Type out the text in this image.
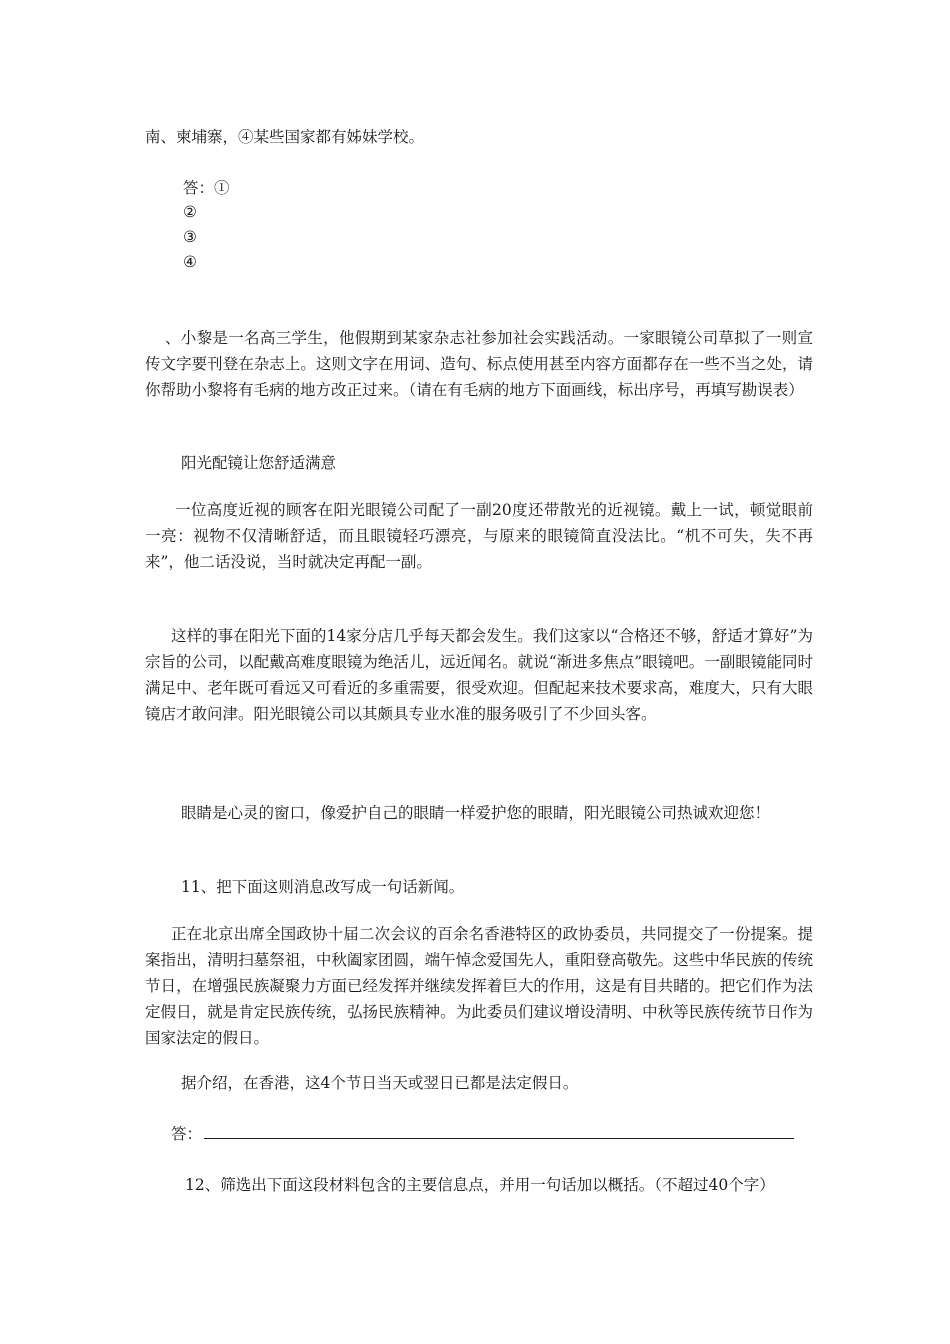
南、柬埔寨，④某些国家都有姊妹学校。
答：①
②
③
④
、小黎是一名高三学生，他假期到某家杂志社参加社会实践活动。一家眼镜公司草拟了一则宣传文字要刊登在杂志上。这则文字在用词、造句、标点使用甚至内容方面都存在一些不当之处，请你帮助小黎将有毛病的地方改正过来。（请在有毛病的地方下面画线，标出序号，再填写勘误表）
阳光配镜让您舒适满意
一位高度近视的顾客在阳光眼镜公司配了一副20度还带散光的近视镜。戴上一试，顿觉眼前一亮：视物不仅清晰舒适，而且眼镜轻巧漂亮，与原来的眼镜简直没法比。“机不可失，失不再来”，他二话没说，当时就决定再配一副。
这样的事在阳光下面的14家分店几乎每天都会发生。我们这家以“合格还不够，舒适才算好”为宗旨的公司，以配戴高难度眼镜为绝活儿，远近闻名。就说“渐进多焦点”眼镜吧。一副眼镜能同时满足中、老年既可看远又可看近的多重需要，很受欢迎。但配起来技术要求高，难度大，只有大眼镜店才敢问津。阳光眼镜公司以其颇具专业水准的服务吸引了不少回头客。
眼睛是心灵的窗口，像爱护自己的眼睛一样爱护您的眼睛，阳光眼镜公司热诚欢迎您！
11、把下面这则消息改写成一句话新闻。
正在北京出席全国政协十届二次会议的百余名香港特区的政协委员，共同提交了一份提案。提案指出，清明扫墓祭祖，中秋阖家团圆，端午悼念爱国先人，重阳登高敬先。这些中华民族的传统节日，在增强民族凝聚力方面已经发挥并继续发挥着巨大的作用，这是有目共睹的。把它们作为法定假日，就是肯定民族传统，弘扬民族精神。为此委员们建议增设清明、中秋等民族传统节日作为国家法定的假日。
据介绍，在香港，这4个节日当天或翌日已都是法定假日。
答：
12、筛选出下面这段材料包含的主要信息点，并用一句话加以概括。（不超过40个字）
